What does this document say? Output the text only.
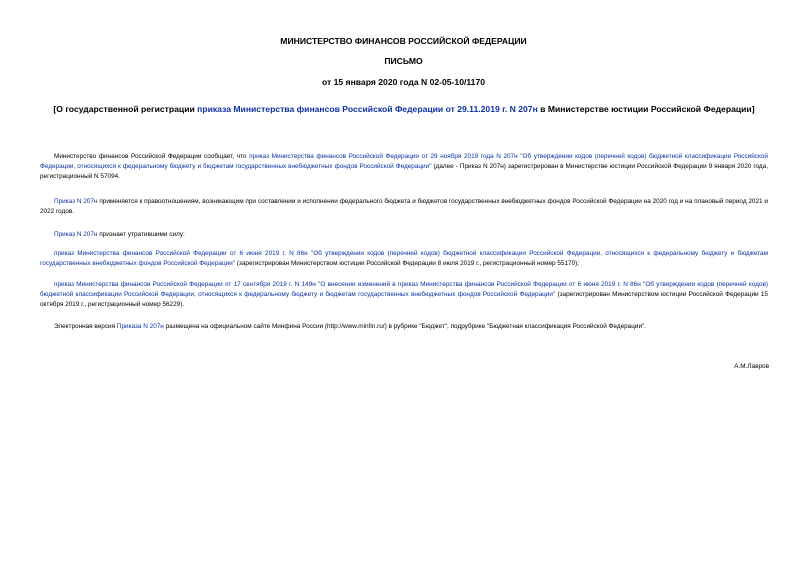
МИНИСТЕРСТВО ФИНАНСОВ РОССИЙСКОЙ ФЕДЕРАЦИИ
ПИСЬМО
от 15 января 2020 года N 02-05-10/1170
[О государственной регистрации приказа Министерства финансов Российской Федерации от 29.11.2019 г. N 207н в Министерстве юстиции Российской Федерации]
Министерство финансов Российской Федерации сообщает, что приказ Министерства финансов Российской Федерации от 29 ноября 2019 года N 207н "Об утверждении кодов (перечней кодов) бюджетной классификации Российской Федерации, относящихся к федеральному бюджету и бюджетам государственных внебюджетных фондов Российской Федерации" (далее - Приказ N 207н) зарегистрирован в Министерстве юстиции Российской Федерации 9 января 2020 года, регистрационный N 57094.
Приказ N 207н применяется к правоотношениям, возникающим при составлении и исполнении федерального бюджета и бюджетов государственных внебюджетных фондов Российской Федерации на 2020 год и на плановый период 2021 и 2022 годов.
Приказ N 207н признает утратившими силу:
приказ Министерства финансов Российской Федерации от 6 июня 2019 г. N 86н "Об утверждении кодов (перечней кодов) бюджетной классификации Российской Федерации, относящихся к федеральному бюджету и бюджетам государственных внебюджетных фондов Российской Федерации" (зарегистрирован Министерством юстиции Российской Федерации 8 июля 2019 г., регистрационный номер 55170);
приказ Министерства финансов Российской Федерации от 17 сентября 2019 г. N 149н "О внесении изменений в приказ Министерства финансов Российской Федерации от 6 июня 2019 г. N 86н "Об утверждении кодов (перечней кодов) бюджетной классификации Российской Федерации, относящихся к федеральному бюджету и бюджетам государственных внебюджетных фондов Российской Федерации" (зарегистрирован Министерством юстиции Российской Федерации 15 октября 2019 г., регистрационный номер 56229).
Электронная версия Приказа N 207н размещена на официальном сайте Минфина России (http://www.minfin.ru/) в рубрике "Бюджет", подрубрике "Бюджетная классификация Российской Федерации".
А.М.Лавров
